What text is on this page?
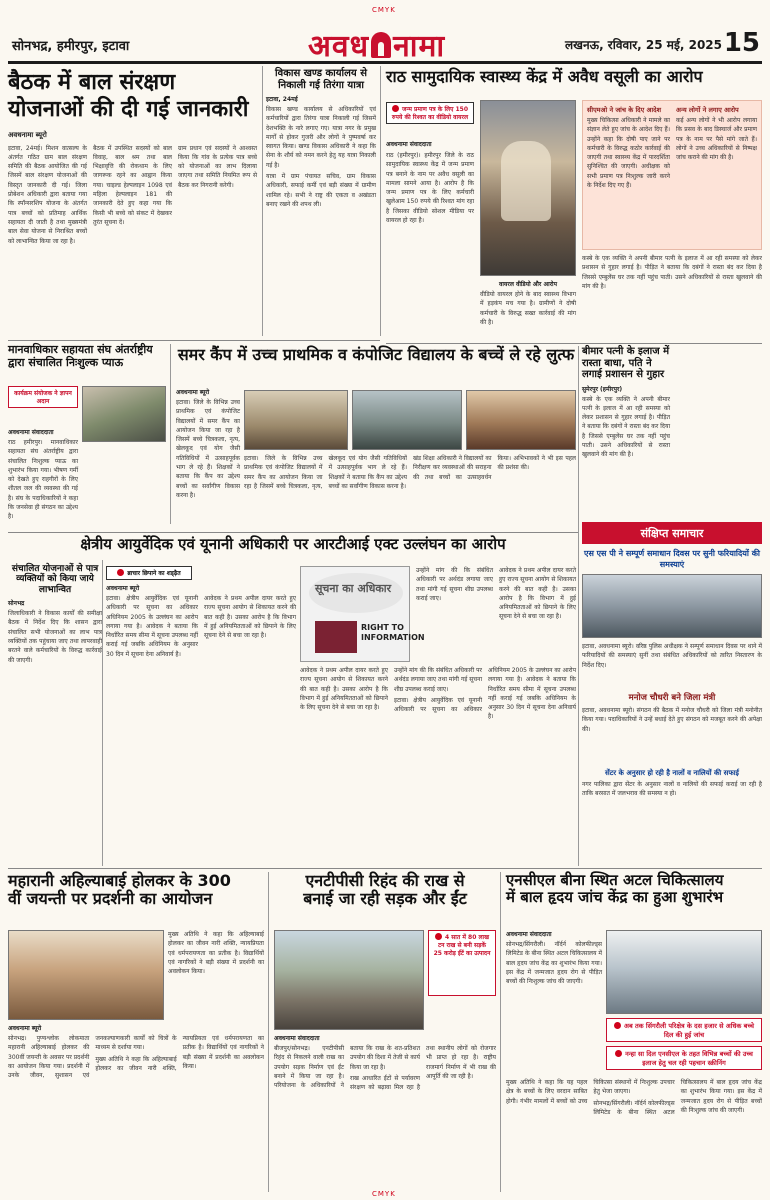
CMYK
सोनभद्र, हमीरपुर, इटावा	अवध नामा	लखनऊ, रविवार, 25 मई, 2025 15
बैठक में बाल संरक्षण
योजनाओं की दी गई जानकारी
अवधनामा ब्यूरो

इटावा, 24मई। मिशन वात्सल्य के अंतर्गत गठित ग्राम बाल संरक्षण समिति की बैठक आयोजित की गई जिसमें बाल संरक्षण योजनाओं की विस्तृत जानकारी दी गई। जिला प्रोबेशन अधिकारी द्वारा बताया गया कि स्पॉन्सरशिप योजना के अंतर्गत पात्र बच्चों को प्रतिमाह आर्थिक सहायता दी जाती है तथा मुख्यमंत्री बाल सेवा योजना से निराश्रित बच्चों को लाभान्वित किया जा रहा है।

बैठक में उपस्थित सदस्यों को बाल विवाह, बाल श्रम तथा बाल भिक्षावृत्ति की रोकथाम के लिए जागरूक रहने का आह्वान किया गया। चाइल्ड हेल्पलाइन 1098 एवं महिला हेल्पलाइन 181 की जानकारी देते हुए कहा गया कि किसी भी बच्चे को संकट में देखकर तुरंत सूचना दें।

ग्राम प्रधान एवं सदस्यों ने आश्वस्त किया कि गांव के प्रत्येक पात्र बच्चे को योजनाओं का लाभ दिलाया जाएगा तथा समिति नियमित रूप से बैठक कर निगरानी करेगी।

विकास खण्ड कार्यालय से निकाली गई तिरंगा यात्रा
इटावा, 24मई

विकास खण्ड कार्यालय से अधिकारियों एवं कर्मचारियों द्वारा तिरंगा यात्रा निकाली गई जिसमें देशभक्ति के नारे लगाए गए। यात्रा नगर के प्रमुख मार्गों से होकर गुजरी और लोगों ने पुष्पवर्षा कर स्वागत किया। खण्ड विकास अधिकारी ने कहा कि सेना के शौर्य को नमन करने हेतु यह यात्रा निकाली गई है।

यात्रा में ग्राम पंचायत सचिव, ग्राम विकास अधिकारी, सफाई कर्मी एवं बड़ी संख्या में ग्रामीण शामिल रहे। सभी ने राष्ट्र की एकता व अखंडता बनाए रखने की शपथ ली।

राठ सामुदायिक स्वास्थ्य केंद्र में अवैध वसूली का आरोप
जन्म प्रमाण पत्र के लिए 150 रुपये की रिश्वत का वीडियो वायरल
अवधनामा संवाददाता

राठ (हमीरपुर)। हमीरपुर जिले के राठ सामुदायिक स्वास्थ्य केंद्र में जन्म प्रमाण पत्र बनाने के नाम पर अवैध वसूली का मामला सामने आया है। आरोप है कि जन्म प्रमाण पत्र के लिए कर्मचारी खुलेआम 150 रुपये की रिश्वत मांग रहा है जिसका वीडियो सोशल मीडिया पर वायरल हो रहा है।

वायरल वीडियो और आरोप

वीडियो वायरल होने के बाद स्वास्थ्य विभाग में हड़कंप मच गया है। ग्रामीणों ने दोषी कर्मचारी के विरुद्ध सख्त कार्रवाई की मांग की है।

सीएमओ ने जांच के दिए आदेश

मुख्य चिकित्सा अधिकारी ने मामले का संज्ञान लेते हुए जांच के आदेश दिए हैं। उन्होंने कहा कि दोषी पाए जाने पर कर्मचारी के विरुद्ध कठोर कार्रवाई की जाएगी तथा स्वास्थ्य केंद्र में पारदर्शिता सुनिश्चित की जाएगी। अधीक्षक को सभी प्रमाण पत्र निःशुल्क जारी करने के निर्देश दिए गए हैं।

अन्य लोगों ने लगाए आरोप

कई अन्य लोगों ने भी आरोप लगाया कि प्रसव के बाद डिस्चार्ज और प्रमाण पत्र के नाम पर पैसे मांगे जाते हैं। लोगों ने उच्च अधिकारियों से निष्पक्ष जांच कराने की मांग की है।

कस्बे के एक व्यक्ति ने अपनी बीमार पत्नी के इलाज में आ रही समस्या को लेकर प्रशासन से गुहार लगाई है। पीड़ित ने बताया कि दबंगों ने रास्ता बंद कर दिया है जिससे एम्बुलेंस घर तक नहीं पहुंच पाती। उसने अधिकारियों से रास्ता खुलवाने की मांग की है।

बीमार पत्नी के इलाज में रास्ता बाधा, पति ने लगाई प्रशासन से गुहार
सुमेरपुर (हमीरपुर)

कस्बे के एक व्यक्ति ने अपनी बीमार पत्नी के इलाज में आ रही समस्या को लेकर प्रशासन से गुहार लगाई है। पीड़ित ने बताया कि दबंगों ने रास्ता बंद कर दिया है जिससे एम्बुलेंस घर तक नहीं पहुंच पाती। उसने अधिकारियों से रास्ता खुलवाने की मांग की है।

मानवाधिकार सहायता संघ अंतर्राष्ट्रीय द्वारा संचालित निःशुल्क प्याऊ
कार्यक्रम संयोजक ने ज्ञापन अदान
अवधनामा संवाददाता

राठ हमीरपुर। मानवाधिकार सहायता संघ अंतर्राष्ट्रीय द्वारा संचालित निःशुल्क प्याऊ का शुभारंभ किया गया। भीषण गर्मी को देखते हुए राहगीरों के लिए शीतल जल की व्यवस्था की गई है। संघ के पदाधिकारियों ने कहा कि जनसेवा ही संगठन का उद्देश्य है।

समर कैंप में उच्च प्राथमिक व कंपोजिट विद्यालय के बच्चें ले रहे लुत्फ
अवधनामा ब्यूरो

इटावा। जिले के विभिन्न उच्च प्राथमिक एवं कंपोजिट विद्यालयों में समर कैंप का आयोजन किया जा रहा है जिसमें बच्चे चित्रकला, नृत्य, खेलकूद एवं योग जैसी गतिविधियों में उत्साहपूर्वक भाग ले रहे हैं। शिक्षकों ने बताया कि कैंप का उद्देश्य बच्चों का सर्वांगीण विकास करना है।

इटावा। जिले के विभिन्न उच्च प्राथमिक एवं कंपोजिट विद्यालयों में समर कैंप का आयोजन किया जा रहा है जिसमें बच्चे चित्रकला, नृत्य, खेलकूद एवं योग जैसी गतिविधियों में उत्साहपूर्वक भाग ले रहे हैं। शिक्षकों ने बताया कि कैंप का उद्देश्य बच्चों का सर्वांगीण विकास करना है।

खंड शिक्षा अधिकारी ने विद्यालयों का निरीक्षण कर व्यवस्थाओं की सराहना की तथा बच्चों का उत्साहवर्धन किया। अभिभावकों ने भी इस पहल की प्रशंसा की।

संक्षिप्त समाचार
एस एस पी ने सम्पूर्ण समाधान दिवस पर सुनी फरियादियों की समस्याएं

इटावा, अवधनामा ब्यूरो। वरिष्ठ पुलिस अधीक्षक ने सम्पूर्ण समाधान दिवस पर थाने में फरियादियों की समस्याएं सुनीं तथा संबंधित अधिकारियों को त्वरित निस्तारण के निर्देश दिए।

मनोज चौधरी बने जिला मंत्री

इटावा, अवधनामा ब्यूरो। संगठन की बैठक में मनोज चौधरी को जिला मंत्री मनोनीत किया गया। पदाधिकारियों ने उन्हें बधाई देते हुए संगठन को मजबूत करने की अपेक्षा की।

सेंटर के अनुसार हो रही है नालों व नालियों की सफाई

नगर पालिका द्वारा सेंटर के अनुसार नालों व नालियों की सफाई कराई जा रही है ताकि बरसात में जलभराव की समस्या न हो।

क्षेत्रीय आयुर्वेदिक एवं यूनानी अधिकारी पर आरटीआई एक्ट उल्लंघन का आरोप
ब्राचार छिपाने का शड्ढ़ैत
अवधनामा ब्यूरो

इटावा। क्षेत्रीय आयुर्वेदिक एवं यूनानी अधिकारी पर सूचना का अधिकार अधिनियम 2005 के उल्लंघन का आरोप लगाया गया है। आवेदक ने बताया कि निर्धारित समय सीमा में सूचना उपलब्ध नहीं कराई गई जबकि अधिनियम के अनुसार 30 दिन में सूचना देना अनिवार्य है।

आवेदक ने प्रथम अपील दायर करते हुए राज्य सूचना आयोग से शिकायत करने की बात कही है। उसका आरोप है कि विभाग में हुई अनियमितताओं को छिपाने के लिए सूचना देने से बचा जा रहा है।

सूचना का अधिकार
RIGHT TO
INFORMATION

आवेदक ने प्रथम अपील दायर करते हुए राज्य सूचना आयोग से शिकायत करने की बात कही है। उसका आरोप है कि विभाग में हुई अनियमितताओं को छिपाने के लिए सूचना देने से बचा जा रहा है।

उन्होंने मांग की कि संबंधित अधिकारी पर अर्थदंड लगाया जाए तथा मांगी गई सूचना शीघ्र उपलब्ध कराई जाए।

इटावा। क्षेत्रीय आयुर्वेदिक एवं यूनानी अधिकारी पर सूचना का अधिकार अधिनियम 2005 के उल्लंघन का आरोप लगाया गया है। आवेदक ने बताया कि निर्धारित समय सीमा में सूचना उपलब्ध नहीं कराई गई जबकि अधिनियम के अनुसार 30 दिन में सूचना देना अनिवार्य है।

उन्होंने मांग की कि संबंधित अधिकारी पर अर्थदंड लगाया जाए तथा मांगी गई सूचना शीघ्र उपलब्ध कराई जाए।

आवेदक ने प्रथम अपील दायर करते हुए राज्य सूचना आयोग से शिकायत करने की बात कही है। उसका आरोप है कि विभाग में हुई अनियमितताओं को छिपाने के लिए सूचना देने से बचा जा रहा है।

संचालित योजनाओं से पात्र व्यक्तियों को किया जाये लाभान्वित
सोनभद्र

जिलाधिकारी ने विकास कार्यों की समीक्षा बैठक में निर्देश दिए कि शासन द्वारा संचालित सभी योजनाओं का लाभ पात्र व्यक्तियों तक पहुंचाया जाए तथा लापरवाही बरतने वाले कर्मचारियों के विरुद्ध कार्रवाई की जाएगी।

महारानी अहिल्याबाई होलकर के 300
वीं जयन्ती पर प्रदर्शनी का आयोजन
अवधनामा ब्यूरो

सोनभद्र। पुण्यश्लोक लोकमाता महारानी अहिल्याबाई होलकर की 300वीं जयन्ती के अवसर पर प्रदर्शनी का आयोजन किया गया। प्रदर्शनी में उनके जीवन, सुशासन एवं जनकल्याणकारी कार्यों को चित्रों के माध्यम से दर्शाया गया।

मुख्य अतिथि ने कहा कि अहिल्याबाई होलकर का जीवन नारी शक्ति, न्यायप्रियता एवं धर्मपरायणता का प्रतीक है। विद्यार्थियों एवं नागरिकों ने बड़ी संख्या में प्रदर्शनी का अवलोकन किया।

मुख्य अतिथि ने कहा कि अहिल्याबाई होलकर का जीवन नारी शक्ति, न्यायप्रियता एवं धर्मपरायणता का प्रतीक है। विद्यार्थियों एवं नागरिकों ने बड़ी संख्या में प्रदर्शनी का अवलोकन किया।

एनटीपीसी रिहंद की राख से
बनाई जा रही सड़क और ईंट
4 सात में 80 लाख टन राख से बनी सड़कें 25 करोड़ ईंटें का उत्पादन
अवधनामा संवाददाता

बीजपुर/सोनभद्र। एनटीपीसी रिहंद से निकलने वाली राख का उपयोग सड़क निर्माण एवं ईंट बनाने में किया जा रहा है। परियोजना के अधिकारियों ने बताया कि राख के शत-प्रतिशत उपयोग की दिशा में तेजी से कार्य किया जा रहा है।

राख आधारित ईंटों से पर्यावरण संरक्षण को बढ़ावा मिल रहा है तथा स्थानीय लोगों को रोजगार भी प्राप्त हो रहा है। राष्ट्रीय राजमार्ग निर्माण में भी राख की आपूर्ति की जा रही है।

एनसीएल बीना स्थित अटल चिकित्सालय
में बाल हृदय जांच केंद्र का हुआ शुभारंभ
अवधनामा संवाददाता

सोनभद्र/सिंगरौली। नॉर्दर्न कोलफील्ड्स लिमिटेड के बीना स्थित अटल चिकित्सालय में बाल हृदय जांच केंद्र का शुभारंभ किया गया। इस केंद्र में जन्मजात हृदय रोग से पीड़ित बच्चों की निःशुल्क जांच की जाएगी।

अब तक सिंगरौली परिक्षेत्र के दस हजार से अधिक बच्चे दिल की हुई जांच
नन्हा सा दिल एनसीएल के तहत विभिन्न बच्चों की उच्च इलाज हेतु चल रही पहचान स्क्रीनिंग

मुख्य अतिथि ने कहा कि यह पहल क्षेत्र के बच्चों के लिए वरदान साबित होगी। गंभीर मामलों में बच्चों को उच्च चिकित्सा संस्थानों में निःशुल्क उपचार हेतु भेजा जाएगा।

सोनभद्र/सिंगरौली। नॉर्दर्न कोलफील्ड्स लिमिटेड के बीना स्थित अटल चिकित्सालय में बाल हृदय जांच केंद्र का शुभारंभ किया गया। इस केंद्र में जन्मजात हृदय रोग से पीड़ित बच्चों की निःशुल्क जांच की जाएगी।

CMYK
